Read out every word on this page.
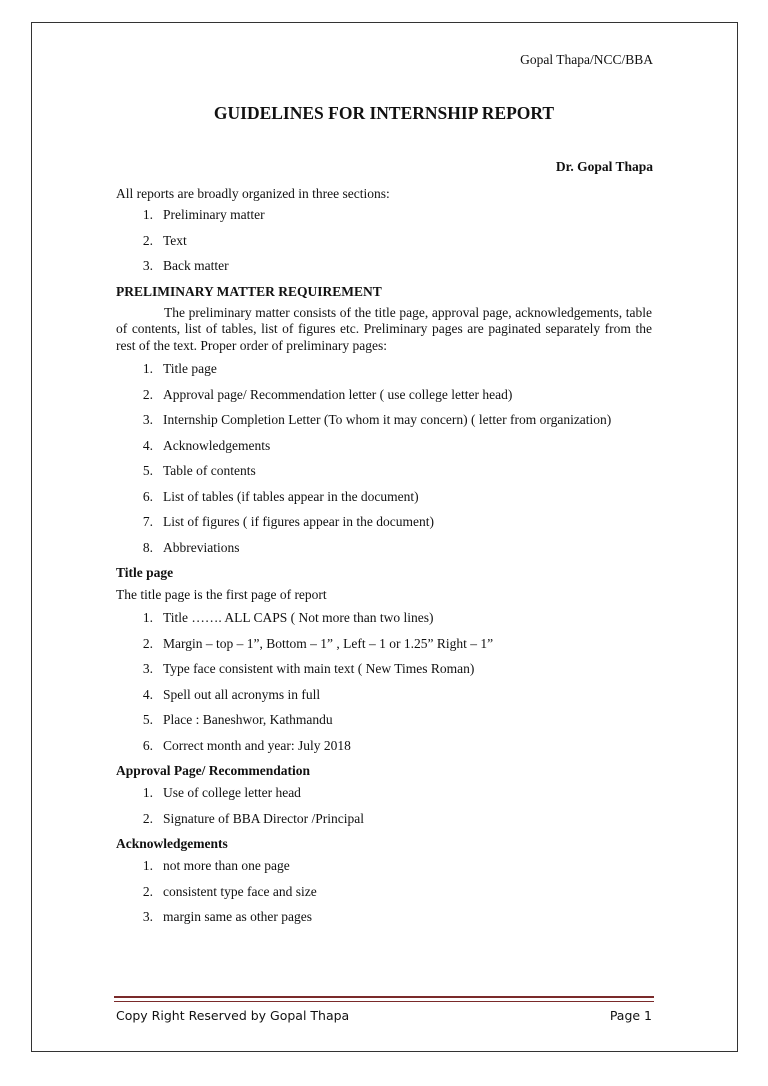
Gopal Thapa/NCC/BBA
GUIDELINES FOR INTERNSHIP REPORT
Dr. Gopal Thapa

All reports are broadly organized in three sections:

1. Preliminary matter
2. Text
3. Back matter

PRELIMINARY MATTER REQUIREMENT

The preliminary matter consists of the title page, approval page, acknowledgements, table of contents, list of tables, list of figures etc. Preliminary pages are paginated separately from the rest of the text. Proper order of preliminary pages:

1. Title page
2. Approval page/ Recommendation letter ( use college letter head)
3. Internship Completion Letter (To whom it may concern) ( letter from organization)
4. Acknowledgements
5. Table of contents
6. List of tables (if tables appear in the document)
7. List of figures ( if figures appear in the document)
8. Abbreviations

Title page

The title page is the first page of report

1. Title ……. ALL CAPS ( Not more than two lines)
2. Margin – top – 1”, Bottom – 1” , Left – 1 or 1.25” Right – 1”
3. Type face consistent with main text ( New Times Roman)
4. Spell out all acronyms in full
5. Place : Baneshwor, Kathmandu
6. Correct month and year: July 2018

Approval Page/ Recommendation

1. Use of college letter head
2. Signature of BBA Director /Principal

Acknowledgements

1. not more than one page
2. consistent type face and size
3. margin same as other pages
Copy Right Reserved by Gopal Thapa	Page 1
